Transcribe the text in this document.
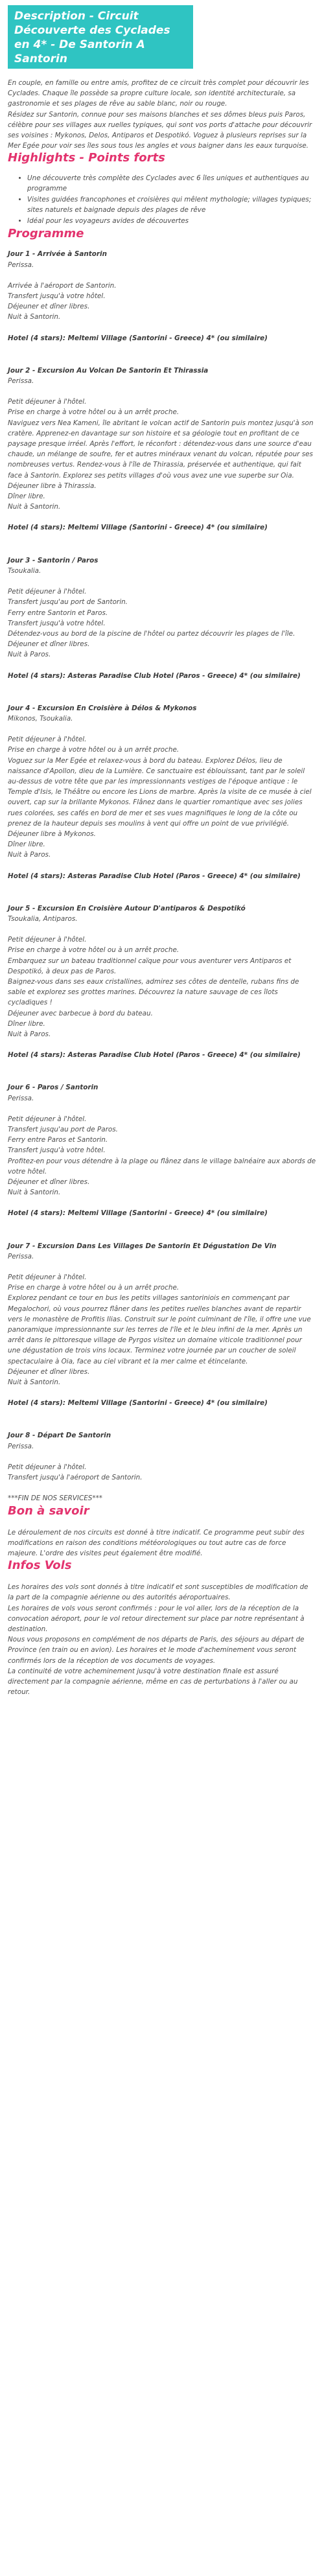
Description - Circuit Découverte des Cyclades en 4* - De Santorin A Santorin
En couple, en famille ou entre amis, profitez de ce circuit très complet pour découvrir les Cyclades. Chaque île possède sa propre culture locale, son identité architecturale, sa gastronomie et ses plages de rêve au sable blanc, noir ou rouge.
Résidez sur Santorin, connue pour ses maisons blanches et ses dômes bleus puis Paros, célèbre pour ses villages aux ruelles typiques, qui sont vos ports d'attache pour découvrir ses voisines : Mykonos, Delos, Antiparos et Despotikó. Voguez à plusieurs reprises sur la Mer Egée pour voir ses îles sous tous les angles et vous baigner dans les eaux turquoise.
Highlights - Points forts
• Une découverte très complète des Cyclades avec 6 îles uniques et authentiques au programme
• Visites guidées francophones et croisières qui mêlent mythologie; villages typiques; sites naturels et baignade depuis des plages de rêve
• Idéal pour les voyageurs avides de découvertes
Programme
Jour 1 - Arrivée à Santorin
Perissa.
Arrivée à l'aéroport de Santorin.
Transfert jusqu'à votre hôtel.
Déjeuner et dîner libres.
Nuit à Santorin.
Hotel (4 stars): Meltemi Village (Santorini - Greece) 4* (ou similaire)
Jour 2 - Excursion Au Volcan De Santorin Et Thirassia
Perissa.
Petit déjeuner à l'hôtel.
Prise en charge à votre hôtel ou à un arrêt proche.
Naviguez vers Nea Kameni, île abritant le volcan actif de Santorin puis montez jusqu'à son cratère. Apprenez-en davantage sur son histoire et sa géologie tout en profitant de ce paysage presque irréel. Après l'effort, le réconfort : détendez-vous dans une source d'eau chaude, un mélange de soufre, fer et autres minéraux venant du volcan, réputée pour ses nombreuses vertus. Rendez-vous à l'île de Thirassia, préservée et authentique, qui fait face à Santorin. Explorez ses petits villages d'où vous avez une vue superbe sur Oia.
Déjeuner libre à Thirassia.
Dîner libre.
Nuit à Santorin.
Hotel (4 stars): Meltemi Village (Santorini - Greece) 4* (ou similaire)
Jour 3 - Santorin / Paros
Tsoukalia.
Petit déjeuner à l'hôtel.
Transfert jusqu'au port de Santorin.
Ferry entre Santorin et Paros.
Transfert jusqu'à votre hôtel.
Détendez-vous au bord de la piscine de l'hôtel ou partez découvrir les plages de l'île.
Déjeuner et dîner libres.
Nuit à Paros.
Hotel (4 stars): Asteras Paradise Club Hotel (Paros - Greece) 4* (ou similaire)
Jour 4 - Excursion En Croisière à Délos & Mykonos
Mikonos, Tsoukalia.
Petit déjeuner à l'hôtel.
Prise en charge à votre hôtel ou à un arrêt proche.
Voguez sur la Mer Egée et relaxez-vous à bord du bateau. Explorez Délos, lieu de naissance d'Apollon, dieu de la Lumière. Ce sanctuaire est éblouissant, tant par le soleil au-dessus de votre tête que par les impressionnants vestiges de l'époque antique : le Temple d'Isis, le Théâtre ou encore les Lions de marbre. Après la visite de ce musée à ciel ouvert, cap sur la brillante Mykonos. Flânez dans le quartier romantique avec ses jolies rues colorées, ses cafés en bord de mer et ses vues magnifiques le long de la côte ou prenez de la hauteur depuis ses moulins à vent qui offre un point de vue privilégié.
Déjeuner libre à Mykonos.
Dîner libre.
Nuit à Paros.
Hotel (4 stars): Asteras Paradise Club Hotel (Paros - Greece) 4* (ou similaire)
Jour 5 - Excursion En Croisière Autour D'antiparos & Despotikó
Tsoukalia, Antiparos.
Petit déjeuner à l'hôtel.
Prise en charge à votre hôtel ou à un arrêt proche.
Embarquez sur un bateau traditionnel caïque pour vous aventurer vers Antiparos et Despotikó, à deux pas de Paros.
Baignez-vous dans ses eaux cristallines, admirez ses côtes de dentelle, rubans fins de sable et explorez ses grottes marines. Découvrez la nature sauvage de ces îlots cycladiques !
Déjeuner avec barbecue à bord du bateau.
Dîner libre.
Nuit à Paros.
Hotel (4 stars): Asteras Paradise Club Hotel (Paros - Greece) 4* (ou similaire)
Jour 6 - Paros / Santorin
Perissa.
Petit déjeuner à l'hôtel.
Transfert jusqu'au port de Paros.
Ferry entre Paros et Santorin.
Transfert jusqu'à votre hôtel.
Profitez-en pour vous détendre à la plage ou flânez dans le village balnéaire aux abords de votre hôtel.
Déjeuner et dîner libres.
Nuit à Santorin.
Hotel (4 stars): Meltemi Village (Santorini - Greece) 4* (ou similaire)
Jour 7 - Excursion Dans Les Villages De Santorin Et Dégustation De Vin
Perissa.
Petit déjeuner à l'hôtel.
Prise en charge à votre hôtel ou à un arrêt proche.
Explorez pendant ce tour en bus les petits villages santoriniois en commençant par Megalochori, où vous pourrez flâner dans les petites ruelles blanches avant de repartir vers le monastère de Profitis Ilias. Construit sur le point culminant de l'île, il offre une vue panoramique impressionnante sur les terres de l'île et le bleu infini de la mer. Après un arrêt dans le pittoresque village de Pyrgos visitez un domaine viticole traditionnel pour une dégustation de trois vins locaux. Terminez votre journée par un coucher de soleil spectaculaire à Oia, face au ciel vibrant et la mer calme et étincelante.
Déjeuner et dîner libres.
Nuit à Santorin.
Hotel (4 stars): Meltemi Village (Santorini - Greece) 4* (ou similaire)
Jour 8 - Départ De Santorin
Perissa.
Petit déjeuner à l'hôtel.
Transfert jusqu'à l'aéroport de Santorin.
***FIN DE NOS SERVICES***
Bon à savoir
Le déroulement de nos circuits est donné à titre indicatif. Ce programme peut subir des modifications en raison des conditions météorologiques ou tout autre cas de force majeure. L'ordre des visites peut également être modifié.
Infos Vols
Les horaires des vols sont donnés à titre indicatif et sont susceptibles de modification de la part de la compagnie aérienne ou des autorités aéroportuaires.
Les horaires de vols vous seront confirmés : pour le vol aller, lors de la réception de la convocation aéroport, pour le vol retour directement sur place par notre représentant à destination.
Nous vous proposons en complément de nos départs de Paris, des séjours au départ de Province (en train ou en avion). Les horaires et le mode d'acheminement vous seront confirmés lors de la réception de vos documents de voyages.
La continuité de votre acheminement jusqu'à votre destination finale est assuré directement par la compagnie aérienne, même en cas de perturbations à l'aller ou au retour.
